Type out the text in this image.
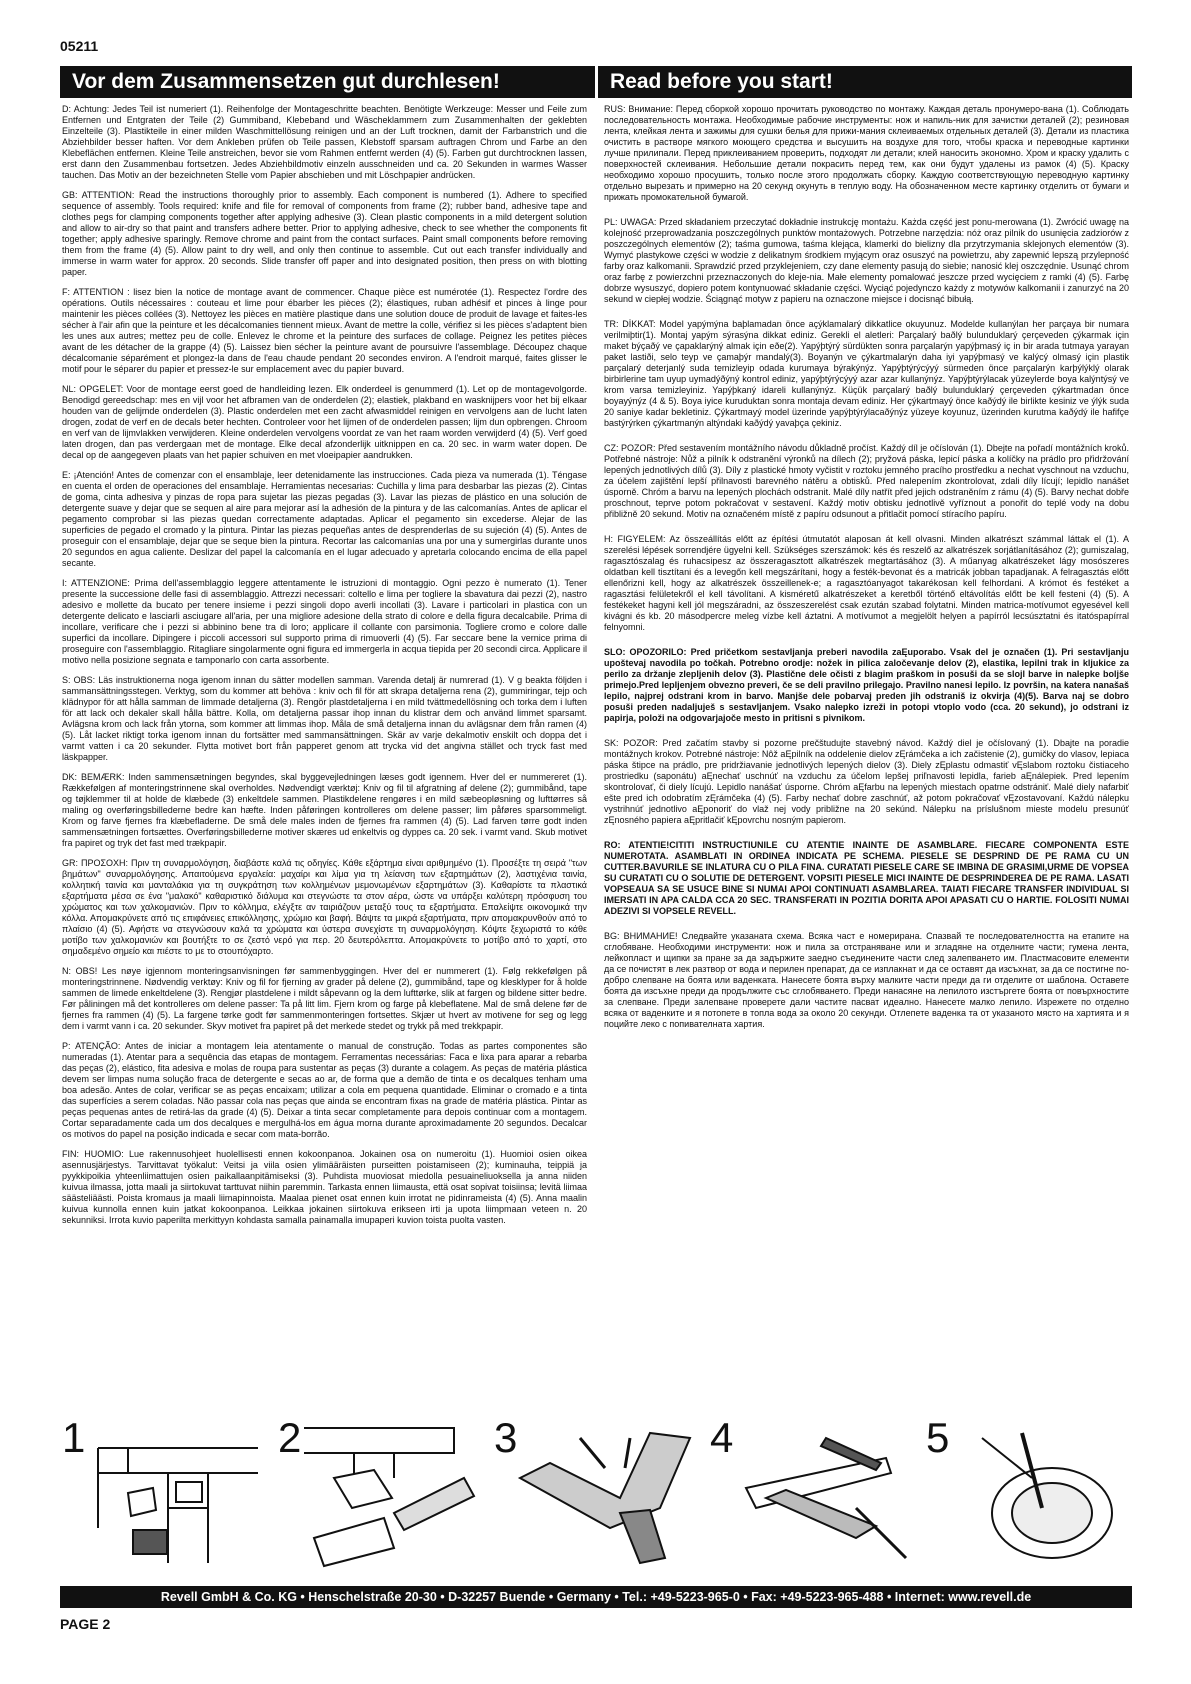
05211
Vor dem Zusammensetzen gut durchlesen!	Read before you start!

D: Achtung: Jedes Teil ist numeriert (1). Reihenfolge der Montageschritte beachten. Benötigte Werkzeuge: Messer und Feile zum Entfernen und Entgraten der Teile (2) Gummiband, Klebeband und Wäscheklammern zum Zusammenhalten der geklebten Einzelteile (3). Plastikteile in einer milden Waschmittellösung reinigen und an der Luft trocknen, damit der Farbanstrich und die Abziehbilder besser haften. Vor dem Ankleben prüfen ob Teile passen, Klebstoff sparsam auftragen Chrom und Farbe an den Klebeflächen entfernen. Kleine Teile anstreichen, bevor sie vom Rahmen entfernt werden (4) (5). Farben gut durchtrocknen lassen, erst dann den Zusammenbau fortsetzen. Jedes Abziehbildmotiv einzeln ausschneiden und ca. 20 Sekunden in warmes Wasser tauchen. Das Motiv an der bezeichneten Stelle vom Papier abschieben und mit Löschpapier andrücken.

GB: ATTENTION: Read the instructions thoroughly prior to assembly. Each component is numbered (1). Adhere to specified sequence of assembly. Tools required: knife and file for removal of components from frame (2); rubber band, adhesive tape and clothes pegs for clamping components together after applying adhesive (3). Clean plastic components in a mild detergent solution and allow to air-dry so that paint and transfers adhere better. Prior to applying adhesive, check to see whether the components fit together; apply adhesive sparingly. Remove chrome and paint from the contact surfaces. Paint small components before removing them from the frame (4) (5). Allow paint to dry well, and only then continue to assemble. Cut out each transfer individually and immerse in warm water for approx. 20 seconds. Slide transfer off paper and into designated position, then press on with blotting paper.

F: ATTENTION : lisez bien la notice de montage avant de commencer. Chaque pièce est numérotée (1). Respectez l'ordre des opérations. Outils nécessaires : couteau et lime pour ébarber les pièces (2); élastiques, ruban adhésif et pinces à linge pour maintenir les pièces collées (3). Nettoyez les pièces en matière plastique dans une solution douce de produit de lavage et faites-les sécher à l'air afin que la peinture et les décalcomanies tiennent mieux. Avant de mettre la colle, vérifiez si les pièces s'adaptent bien les unes aux autres; mettez peu de colle. Enlevez le chrome et la peinture des surfaces de collage. Peignez les petites pièces avant de les détacher de la grappe (4) (5). Laissez bien sécher la peinture avant de poursuivre l'assemblage. Découpez chaque décalcomanie séparément et plongez-la dans de l'eau chaude pendant 20 secondes environ. A l'endroit marqué, faites glisser le motif pour le séparer du papier et pressez-le sur emplacement avec du papier buvard.

NL: OPGELET: Voor de montage eerst goed de handleiding lezen. Elk onderdeel is genummerd (1). Let op de montagevolgorde. Benodigd gereedschap: mes en vijl voor het afbramen van de onderdelen (2); elastiek, plakband en wasknijpers voor het bij elkaar houden van de gelijmde onderdelen (3). Plastic onderdelen met een zacht afwasmiddel reinigen en vervolgens aan de lucht laten drogen, zodat de verf en de decals beter hechten. Controleer voor het lijmen of de onderdelen passen; lijm dun opbrengen. Chroom en verf van de lijmvlakken verwijderen. Kleine onderdelen vervolgens voordat ze van het raam worden verwijderd (4) (5). Verf goed laten drogen, dan pas verdergaan met de montage. Elke decal afzonderlijk uitknippen en ca. 20 sec. in warm water dopen. De decal op de aangegeven plaats van het papier schuiven en met vloeipapier aandrukken.

E: ¡Atención! Antes de comenzar con el ensamblaje, leer detenidamente las instrucciones. Cada pieza va numerada (1). Téngase en cuenta el orden de operaciones del ensamblaje. Herramientas necesarias: Cuchilla y lima para desbarbar las piezas (2). Cintas de goma, cinta adhesiva y pinzas de ropa para sujetar las piezas pegadas (3). Lavar las piezas de plástico en una solución de detergente suave y dejar que se sequen al aire para mejorar así la adhesión de la pintura y de las calcomanías. Antes de aplicar el pegamento comprobar si las piezas quedan correctamente adaptadas. Aplicar el pegamento sin excederse. Alejar de las superficies de pegado el cromado y la pintura. Pintar las piezas pequeñas antes de desprenderlas de su sujeción (4) (5). Antes de proseguir con el ensamblaje, dejar que se seque bien la pintura. Recortar las calcomanías una por una y sumergirlas durante unos 20 segundos en agua caliente. Deslizar del papel la calcomanía en el lugar adecuado y apretarla colocando encima de ella papel secante.

I: ATTENZIONE: Prima dell'assemblaggio leggere attentamente le istruzioni di montaggio. Ogni pezzo è numerato (1). Tener presente la successione delle fasi di assemblaggio. Attrezzi necessari: coltello e lima per togliere la sbavatura dai pezzi (2), nastro adesivo e mollette da bucato per tenere insieme i pezzi singoli dopo averli incollati (3). Lavare i particolari in plastica con un detergente delicato e lasciarli asciugare all'aria, per una migliore adesione della strato di colore e della figura decalcabile. Prima di incollare, verificare che i pezzi si abbinino bene tra di loro; applicare il collante con parsimonia. Togliere cromo e colore dalle superfici da incollare. Dipingere i piccoli accessori sul supporto prima di rimuoverli (4) (5). Far seccare bene la vernice prima di proseguire con l'assemblaggio. Ritagliare singolarmente ogni figura ed immergerla in acqua tiepida per 20 secondi circa. Applicare il motivo nella posizione segnata e tamponarlo con carta assorbente.

S: OBS: Läs instruktionerna noga igenom innan du sätter modellen samman. Varenda detalj är numrerad (1). V g beakta följden i sammansättningsstegen. Verktyg, som du kommer att behöva : kniv och fil för att skrapa detaljerna rena (2), gummiringar, tejp och klädnypor för att hålla samman de limmade detaljerna (3). Rengör plastdetaljerna i en mild tvättmedellösning och torka dem i luften för att lack och dekaler skall hålla bättre. Kolla, om detaljerna passar ihop innan du klistrar dem och använd limmet sparsamt. Avlägsna krom och lack från ytorna, som kommer att limmas ihop. Måla de små detaljerna innan du avlägsnar dem från ramen (4) (5). Låt lacket riktigt torka igenom innan du fortsätter med sammansättningen. Skär av varje dekalmotiv enskilt och doppa det i varmt vatten i ca 20 sekunder. Flytta motivet bort från papperet genom att trycka vid det angivna stället och tryck fast med läskpapper.

DK: BEMÆRK: Inden sammensætningen begyndes, skal byggevejledningen læses godt igennem. Hver del er nummereret (1). Rækkefølgen af monteringstrinnene skal overholdes. Nødvendigt værktøj: Kniv og fil til afgratning af delene (2); gummibånd, tape og tøjklemmer til at holde de klæbede (3) enkeltdele sammen. Plastikdelene rengøres i en mild sæbeopløsning og lufttørres så maling og overføringsbillederne bedre kan hæfte. Inden påføringen kontrolleres om delene passer; lim påføres sparsommeligt. Krom og farve fjernes fra klæbefladerne. De små dele males inden de fjernes fra rammen (4) (5). Lad farven tørre godt inden sammensætningen fortsættes. Overføringsbillederne motiver skæres ud enkeltvis og dyppes ca. 20 sek. i varmt vand. Skub motivet fra papiret og tryk det fast med trækpapir.

GR: ΠΡΟΣΟΧΗ: Πριν τη συναρμολόγηση, διαβάστε καλά τις οδηγίες. Κάθε εξάρτημα είναι αριθμημένο (1). Προσέξτε τη σειρά "των βημάτων" συναρμολόγησης. Απαιτούμενα εργαλεία: μαχαίρι και λίμα για τη λείανση των εξαρτημάτων (2), λαστιχένια ταινία, κολλητική ταινία και μανταλάκια για τη συγκράτηση των κολλημένων μεμονωμένων εξαρτημάτων (3). Καθαρίστε τα πλαστικά εξαρτήματα μέσα σε ένα "μαλακό" καθαριστικό διάλυμα και στεγνώστε τα στον αέρα, ώστε να υπάρξει καλύτερη πρόσφυση του χρώματος και των χαλκομανιών. Πριν το κόλλημα, ελέγξτε αν ταιριάζουν μεταξύ τους τα εξαρτήματα. Επαλείψτε οικονομικά την κόλλα. Απομακρύνετε από τις επιφάνειες επικόλλησης, χρώμιο και βαφή. Βάψτε τα μικρά εξαρτήματα, πριν απομακρυνθούν από το πλαίσιο (4) (5). Αφήστε να στεγνώσουν καλά τα χρώματα και ύστερα συνεχίστε τη συναρμολόγηση. Κόψτε ξεχωριστά το κάθε μοτίβο των χαλκομανιών και βουτήξτε το σε ζεστό νερό για περ. 20 δευτερόλεπτα. Απομακρύνετε το μοτίβο από το χαρτί, στο σημαδεμένο σημείο και πιέστε το με το στουπόχαρτο.

N: OBS! Les nøye igjennom monteringsanvisningen før sammenbyggingen. Hver del er nummerert (1). Følg rekkefølgen på monteringstrinnene. Nødvendig verktøy: Kniv og fil for fjerning av grader på delene (2), gummibånd, tape og klesklyper for å holde sammen de limede enkeltdelene (3). Rengjør plastdelene i mildt såpevann og la dem lufttørke, slik at fargen og bildene sitter bedre. Før påliningen må det kontrolleres om delene passer: Ta på litt lim. Fjern krom og farge på klebeflatene. Mal de små delene før de fjernes fra rammen (4) (5). La fargene tørke godt før sammenmonteringen fortsettes. Skjær ut hvert av motivene for seg og legg dem i varmt vann i ca. 20 sekunder. Skyv motivet fra papiret på det merkede stedet og trykk på med trekkpapir.

P: ATENÇÃO: Antes de iniciar a montagem leia atentamente o manual de construção. Todas as partes componentes são numeradas (1). Atentar para a sequência das etapas de montagem. Ferramentas necessárias: Faca e lixa para aparar a rebarba das peças (2), elástico, fita adesiva e molas de roupa para sustentar as peças (3) durante a colagem. As peças de matéria plástica devem ser limpas numa solução fraca de detergente e secas ao ar, de forma que a demão de tinta e os decalques tenham uma boa adesão. Antes de colar, verificar se as peças encaixam; utilizar a cola em pequena quantidade. Eliminar o cromado e a tinta das superfícies a serem coladas. Não passar cola nas peças que ainda se encontram fixas na grade de matéria plástica. Pintar as peças pequenas antes de retirá-las da grade (4) (5). Deixar a tinta secar completamente para depois continuar com a montagem. Cortar separadamente cada um dos decalques e mergulhá-los em água morna durante aproximadamente 20 segundos. Decalcar os motivos do papel na posição indicada e secar com mata-borrão.

FIN: HUOMIO: Lue rakennusohjeet huolellisesti ennen kokoonpanoa. Jokainen osa on numeroitu (1). Huomioi osien oikea asennusjärjestys. Tarvittavat työkalut: Veitsi ja viila osien ylimääräisten purseitten poistamiseen (2); kuminauha, teippiä ja pyykkipoikia yhteenliimattujen osien paikallaanpitämiseksi (3). Puhdista muoviosat miedolla pesuaineliuoksella ja anna niiden kuivua ilmassa, jotta maali ja siirtokuvat tarttuvat niihin paremmin. Tarkasta ennen liimausta, että osat sopivat toisiinsa; levitä liimaa säästeliäästi. Poista kromaus ja maali liimapinnoista. Maalaa pienet osat ennen kuin irrotat ne pidinrameista (4) (5). Anna maalin kuivua kunnolla ennen kuin jatkat kokoonpanoa. Leikkaa jokainen siirtokuva erikseen irti ja upota liimpmaan veteen n. 20 sekunniksi. Irrota kuvio paperilta merkittyyn kohdasta samalla painamalla imupaperi kuvion toista puolta vasten.

RUS: Внимание: Перед сборкой хорошо прочитать руководство по монтажу. Каждая деталь пронумеро-вана (1). Соблюдать последовательность монтажа. Необходимые рабочие инструменты: нож и напиль-ник для зачистки деталей (2); резиновая лента, клейкая лента и зажимы для сушки белья для прижи-мания склеиваемых отдельных деталей (3). Детали из пластика очистить в растворе мягкого моющего средства и высушить на воздухе для того, чтобы краска и переводные картинки лучше прилипали. Перед приклеиванием проверить, подходят ли детали; клей наносить экономно. Хром и краску удалить с поверхностей склеивания. Небольшие детали покрасить перед тем, как они будут удалены из рамок (4) (5). Краску необходимо хорошо просушить, только после этого продолжать сборку. Каждую соответствующую переводную картинку отдельно вырезать и примерно на 20 секунд окунуть в теплую воду. На обозначенном месте картинку отделить от бумаги и прижать промокательной бумагой.

PL: UWAGA: Przed składaniem przeczytać dokładnie instrukcję montażu. Każda część jest ponu-merowana (1). Zwrócić uwagę na kolejność przeprowadzania poszczególnych punktów montażowych. Potrzebne narzędzia: nóż oraz pilnik do usunięcia zadziorów z poszczególnych elementów (2); taśma gumowa, taśma klejąca, klamerki do bielizny dla przytrzymania sklejonych elementów (3). Wymyć plastykowe części w wodzie z delikatnym środkiem myjącym oraz osuszyć na powietrzu, aby zapewnić lepszą przylepność farby oraz kalkomanii. Sprawdzić przed przyklejeniem, czy dane elementy pasują do siebie; nanosić klej oszczędnie. Usunąć chrom oraz farbę z powierzchni przeznaczonych do kleje-nia. Małe elementy pomalować jeszcze przed wycięciem z ramki (4) (5). Farbę dobrze wysuszyć, dopiero potem kontynuować składanie części. Wyciąć pojedynczo każdy z motywów kalkomanii i zanurzyć na 20 sekund w ciepłej wodzie. Ściągnąć motyw z papieru na oznaczone miejsce i docisnąć bibułą.

TR: DİKKAT: Model yapýmýna baþlamadan önce açýklamalarý dikkatlice okuyunuz. Modelde kullanýlan her parçaya bir numara verilmiþtir(1). Montaj yapým sýrasýna dikkat ediniz. Gerekli el aletleri: Parçalarý baðlý bulunduklarý çerçeveden çýkarmak için maket býçaðý ve çapaklarýný almak için eðe(2). Yapýþtýrý sürdükten sonra parçalarýn yapýþmasý iç in bir arada tutmaya yarayan paket lastiði, selo teyp ve çamaþýr mandalý(3). Boyanýn ve çýkartmalarýn daha iyi yapýþmasý ve kalýcý olmasý için plastik parçalarý deterjanlý suda temizleyip odada kurumaya býrakýnýz. Yapýþtýrýcýyý sürmeden önce parçalarýn karþýlýklý olarak birbirlerine tam uyup uymadýðýný kontrol ediniz, yapýþtýrýcýyý azar azar kullanýnýz. Yapýþtýrýlacak yüzeylerde boya kalýntýsý ve krom varsa temizleyiniz. Yapýþkaný idareli kullanýnýz. Küçük parçalarý baðlý bulunduklarý çerçeveden çýkartmadan önce boyayýnýz (4 & 5). Boya iyice kuruduktan sonra montaja devam ediniz. Her çýkartmayý önce kaðýdý ile birlikte kesiniz ve ýlýk suda 20 saniye kadar bekletiniz. Çýkartmayý model üzerinde yapýþtýrýlacaðýnýz yüzeye koyunuz, üzerinden kurutma kaðýdý ile hafifçe bastýrýrken çýkartmanýn altýndaki kaðýdý yavaþça çekiniz.

CZ: POZOR: Před sestavením montážního návodu důkladně pročíst. Každý díl je očíslován (1). Dbejte na pořadí montážních kroků. Potřebné nástroje: Nůž a pilník k odstranění výronků na dílech (2); pryžová páska, lepicí páska a kolíčky na prádlo pro přidržování lepených jednotlivých dílů (3). Díly z plastické hmoty vyčistit v roztoku jemného pracího prostředku a nechat vyschnout na vzduchu, za účelem zajištění lepší přilnavosti barevného nátěru a obtisků. Před nalepením zkontrolovat, zdali díly lícují; lepidlo nanášet úsporně. Chróm a barvu na lepených plochách odstranit. Malé díly natřít před jejich odstraněním z rámu (4) (5). Barvy nechat dobře proschnout, teprve potom pokračovat v sestavení. Každý motiv obtisku jednotlivě vyříznout a ponořit do teplé vody na dobu přibližně 20 sekund. Motiv na označeném místě z papíru odsunout a přitlačit pomocí stíracího papíru.

H: FIGYELEM: Az összeállítás előtt az építési útmutatót alaposan át kell olvasni. Minden alkatrészt számmal láttak el (1). A szerelési lépések sorrendjére ügyelni kell. Szükséges szerszámok: kés és reszelő az alkatrészek sorjátlanításához (2); gumiszalag, ragasztószalag és ruhacsipesz az összeragasztott alkatrészek megtartásához (3). A műanyag alkatrészeket lágy mosószeres oldatban kell tisztítani és a levegőn kell megszárítani, hogy a festék-bevonat és a matricák jobban tapadjanak. A felragasztás előtt ellenőrizni kell, hogy az alkatrészek összeillenek-e; a ragasztóanyagot takarékosan kell felhordani. A krómot és festéket a ragasztási felületekről el kell távolítani. A kisméretű alkatrészeket a keretből történő eltávolítás előtt be kell festeni (4) (5). A festékeket hagyni kell jól megszáradni, az összeszerelést csak ezután szabad folytatni. Minden matrica-motívumot egyesével kell kivágni és kb. 20 másodpercre meleg vízbe kell áztatni. A motívumot a megjelölt helyen a papírról lecsúsztatni és itatóspapírral felnyomni.

SLO: OPOZORILO: Pred pričetkom sestavljanja preberi navodila zaĘuporabo. Vsak del je označen (1). Pri sestavljanju upoštevaj navodila po točkah. Potrebno orodje: nožek in pilica zaločevanje delov (2), elastika, lepilni trak in kljukice za perilo za držanje zlepljenih delov (3). Plastične dele očisti z blagim praškom in posuši da se slojl barve in nalepke boljše primejo.Pred lepljenjem obvezno preveri, če se deli pravilno prilegajo. Pravilno nanesi lepilo. Iz površin, na katera nanašaš lepilo, najprej odstrani krom in barvo. Manjše dele pobarvaj preden jih odstraniš iz okvirja (4)(5). Barva naj se dobro posuši preden nadaljuješ s sestavljanjem. Vsako nalepko izreži in potopi vtoplo vodo (cca. 20 sekund), jo odstrani iz papirja, položi na odgovarjajoče mesto in pritisni s pivnikom.

SK: POZOR: Pred začatím stavby si pozorne prečštudujte stavebný návod. Každý diel je očíslovaný (1). Dbajte na poradie montážnych krokov. Potrebné nástroje: Nôž aĘpilník na oddelenie dielov zĘrámčeka a ich začistenie (2), gumičky do vlasov, lepiaca páska štipce na prádlo, pre pridržiavanie jednotlivých lepených dielov (3). Diely zĘplastu odmastiť vĘslabom roztoku čistiaceho prostriedku (saponátu) aĘnechať uschnúť na vzduchu za účelom lepšej priľnavosti lepidla, farieb aĘnálepiek. Pred lepením skontrolovať, či diely lícujú. Lepidlo nanášať úsporne. Chróm aĘfarbu na lepených miestach opatrne odstrániť. Malé diely nafarbiť ešte pred ich odobratím zĘrámčeka (4) (5). Farby nechať dobre zaschnúť, až potom pokračovať vĘzostavovaní. Každú nálepku vystrihnúť jednotlivo aĘponoriť do vlaž nej vody približne na 20 sekúnd. Nálepku na príslušnom mieste modelu presunúť zĘnosného papiera aĘpritlačiť kĘpovrchu nosným papierom.

RO: ATENTIE!CITITI INSTRUCTIUNILE CU ATENTIE INAINTE DE ASAMBLARE. FIECARE COMPONENTA ESTE NUMEROTATA. ASAMBLATI IN ORDINEA INDICATA PE SCHEMA. PIESELE SE DESPRIND DE PE RAMA CU UN CUTTER.BAVURILE SE INLATURA CU O PILA FINA. CURATATI PIESELE CARE SE IMBINA DE GRASIMI,URME DE VOPSEA SU CURATATI CU O SOLUTIE DE DETERGENT. VOPSITI PIESELE MICI INAINTE DE DESPRINDEREA DE PE RAMA. LASATI VOPSEAUA SA SE USUCE BINE SI NUMAI APOI CONTINUATI ASAMBLAREA. TAIATI FIECARE TRANSFER INDIVIDUAL SI IMERSATI IN APA CALDA CCA 20 SEC. TRANSFERATI IN POZITIA DORITA APOI APASATI CU O HARTIE. FOLOSITI NUMAI ADEZIVI SI VOPSELE REVELL.

BG: ВНИМАНИЕ! Следвайте указаната схема. Всяка част е номерирана. Спазвай те последователността на етапите на сглобяване. Необходими инструменти: нож и пила за отстраняване или и згладяне на отделните части; гумена лента, лейкопласт и щипки за пране за да задържите заедно съединените части след залепването им. Пластмасовите елементи да се почистят в лек разтвор от вода и перилен препарат, да се изплакнат и да се оставят да изсъхнат, за да се постигне по-добро слепване на боята или ваденката. Нанесете боята върху малките части преди да ги отделите от шаблона. Оставете боята да изсъхне преди да продължите със сглобяването. Преди нанасяне на лепилото изстъргете боята от повърхностите за слепване. Преди залепване проверете дали частите пасват идеално. Нанесете малко лепило. Изрежете по отделно всяка от ваденките и я потопете в топла вода за около 20 секунди. Отлепете ваденка та от указаното място на хартията и я поцийте леко с попивателната хартия.

1	2	3	4	5
Revell GmbH & Co. KG • Henschelstraße 20-30 • D-32257 Buende • Germany • Tel.: +49-5223-965-0 • Fax: +49-5223-965-488 • Internet: www.revell.de
PAGE 2
